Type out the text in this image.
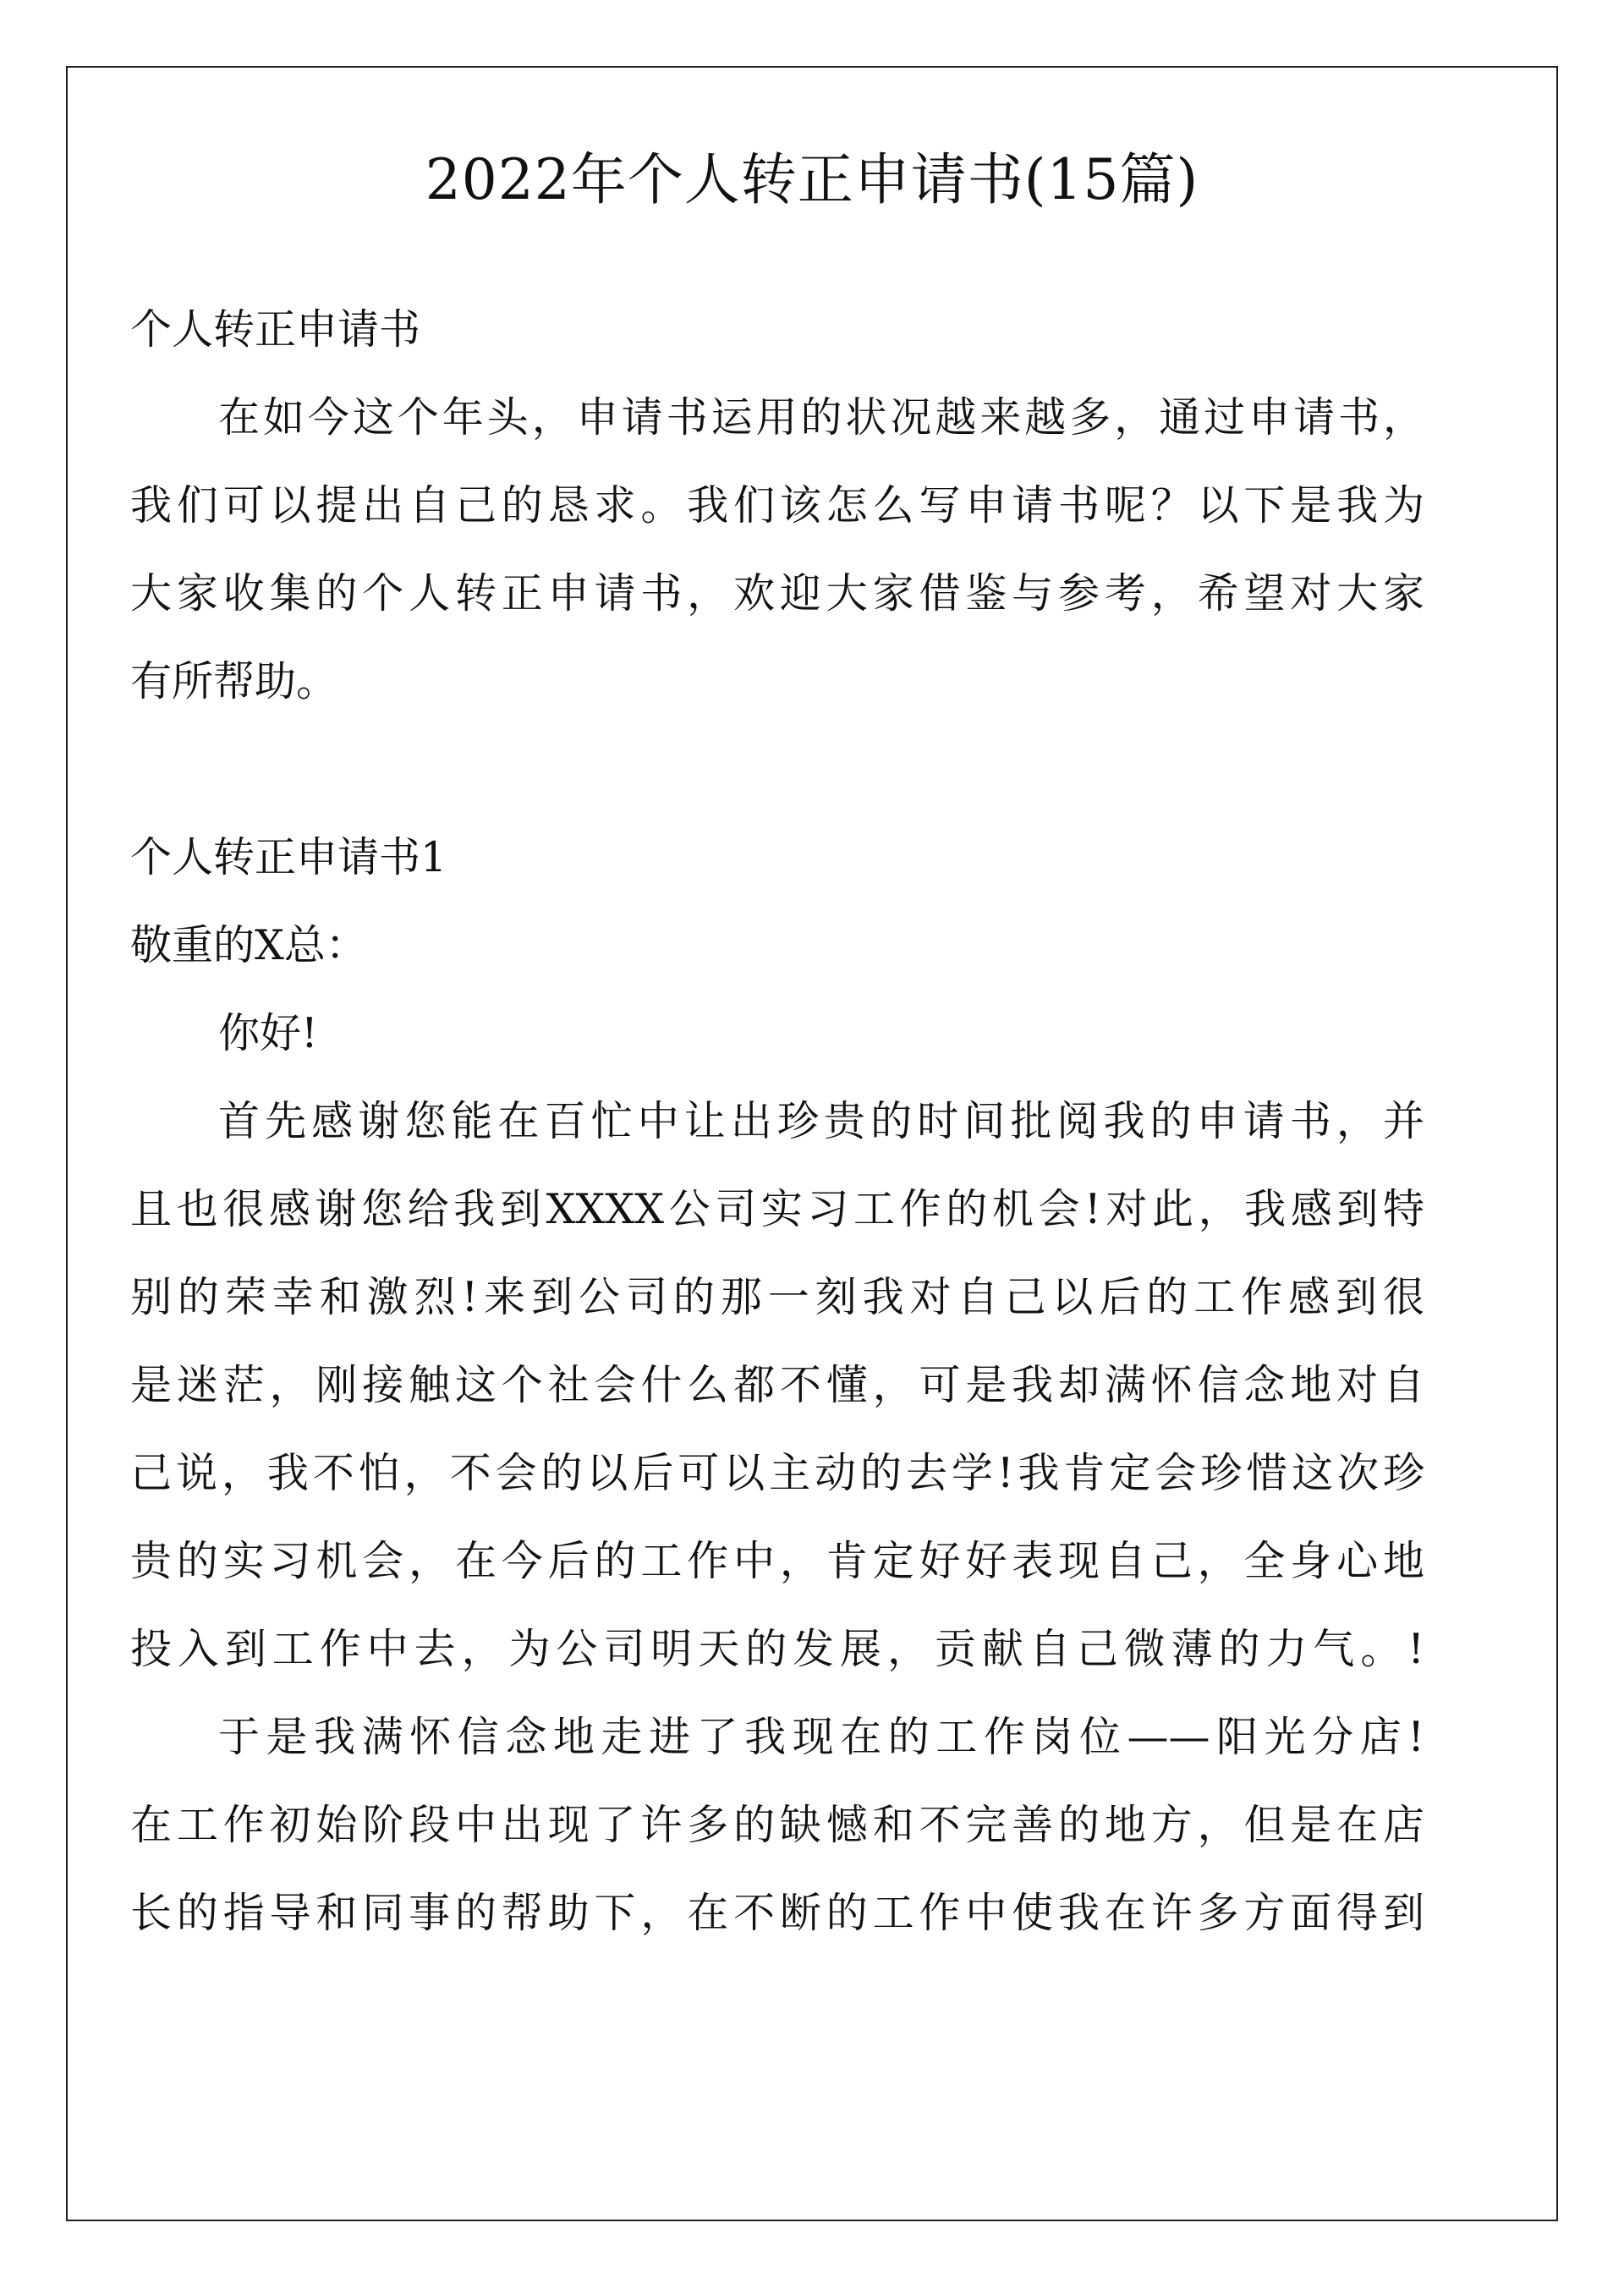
2022年个人转正申请书(15篇)
个人转正申请书
在如今这个年头，申请书运用的状况越来越多，通过申请书，
我们可以提出自己的恳求。我们该怎么写申请书呢？以下是我为
大家收集的个人转正申请书，欢迎大家借鉴与参考，希望对大家
有所帮助。
个人转正申请书1
敬重的X总：
你好!
首先感谢您能在百忙中让出珍贵的时间批阅我的申请书，并
且也很感谢您给我到XXXX公司实习工作的机会!对此，我感到特
别的荣幸和激烈!来到公司的那一刻我对自己以后的工作感到很
是迷茫，刚接触这个社会什么都不懂，可是我却满怀信念地对自
己说，我不怕，不会的以后可以主动的去学!我肯定会珍惜这次珍
贵的实习机会，在今后的工作中，肯定好好表现自己，全身心地
投入到工作中去，为公司明天的发展，贡献自己微薄的力气。!
于是我满怀信念地走进了我现在的工作岗位——阳光分店!
在工作初始阶段中出现了许多的缺憾和不完善的地方，但是在店
长的指导和同事的帮助下，在不断的工作中使我在许多方面得到
